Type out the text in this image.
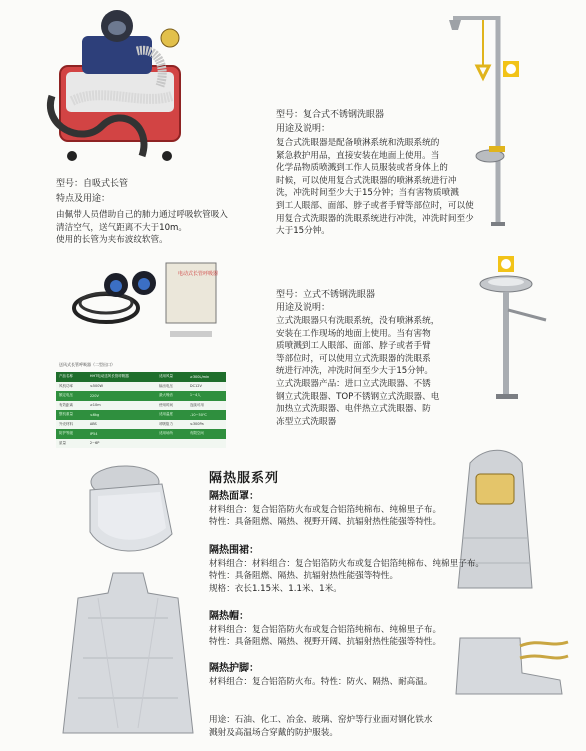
型号：自吸式长管
特点及用途：
由佩带人员借助自己的肺力通过呼吸软管吸入
清洁空气，送气距离不大于10m。
使用的长管为夹布波纹软管。
型号：复合式不锈钢洗眼器
用途及说明：
复合式洗眼器是配备喷淋系统和洗眼系统的
紧急救护用品，直接安装在地面上使用。当
化学品物质喷溅到工作人员服装或者身体上的
时候，可以使用复合式洗眼器的喷淋系统进行冲
洗，冲洗时间至少大于15分钟；当有害物质喷溅
到工人眼部、面部、脖子或者手臂等部位时，可以使
用复合式洗眼器的洗眼系统进行冲洗，冲洗时间至少
大于15分钟。
电动式长管呼吸器
送风式长管呼吸器（二型出口）
产品名称	HHT电动送风长管呼吸器	适用风量	≥300L/min
风机功率	≤500W	输出电压	DC12V
额定电压	220V	最大噪音	1~4人
有效距离	≥10m	使用时间	连续可用
整机重量	≤6kg	适用温度	-10~50℃
外壳材料	ABS	呼吸阻力	≤300Pa
防护等级	IP54	适用场所	有限空间
质量	2~6P		
型号：立式不锈钢洗眼器
用途及说明：
立式洗眼器只有洗眼系统，没有喷淋系统，
安装在工作现场的地面上使用。当有害物
质喷溅到工人眼部、面部、脖子或者手臂
等部位时，可以使用立式洗眼器的洗眼系
统进行冲洗，冲洗时间至少大于15分钟。
立式洗眼器产品：进口立式洗眼器、不锈
钢立式洗眼器、TOP不锈钢立式洗眼器、电
加热立式洗眼器、电伴热立式洗眼器、防
冻型立式洗眼器
隔热服系列
隔热面罩：
材料组合：复合铝箔防火布或复合铝箔纯棉布、纯棉里子布。
特性：具备阻燃、隔热、视野开阔、抗辐射热性能强等特性。
隔热围裙：
材料组合：材料组合：复合铝箔防火布或复合铝箔纯棉布、纯棉里子布。
特性：具备阻燃、隔热、抗辐射热性能强等特性。
规格：衣长1.15米、1.1米、1米。
隔热帽：
材料组合：复合铝箔防火布或复合铝箔纯棉布、纯棉里子布。
特性：具备阻燃、隔热、视野开阔、抗辐射热性能强等特性。
隔热护脚：
材料组合：复合铝箔防火布。特性：防火、隔热、耐高温。
用途：石油、化工、冶金、玻璃、窑炉等行业面对钢化铁水
溅射及高温场合穿戴的防护服装。
